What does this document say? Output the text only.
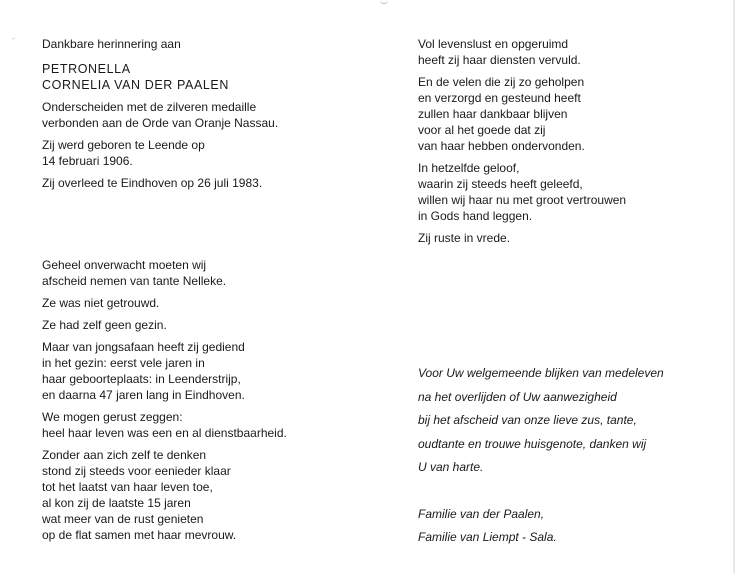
Dankbare herinnering aan
PETRONELLA
CORNELIA VAN DER PAALEN
Onderscheiden met de zilveren medaille
verbonden aan de Orde van Oranje Nassau.
Zij werd geboren te Leende op
14 februari 1906.
Zij overleed te Eindhoven op 26 juli 1983.
Geheel onverwacht moeten wij
afscheid nemen van tante Nelleke.
Ze was niet getrouwd.
Ze had zelf geen gezin.
Maar van jongsafaan heeft zij gediend
in het gezin: eerst vele jaren in
haar geboorteplaats: in Leenderstrijp,
en daarna 47 jaren lang in Eindhoven.
We mogen gerust zeggen:
heel haar leven was een en al dienstbaarheid.
Zonder aan zich zelf te denken
stond zij steeds voor eenieder klaar
tot het laatst van haar leven toe,
al kon zij de laatste 15 jaren
wat meer van de rust genieten
op de flat samen met haar mevrouw.
Vol levenslust en opgeruimd
heeft zij haar diensten vervuld.
En de velen die zij zo geholpen
en verzorgd en gesteund heeft
zullen haar dankbaar blijven
voor al het goede dat zij
van haar hebben ondervonden.
In hetzelfde geloof,
waarin zij steeds heeft geleefd,
willen wij haar nu met groot vertrouwen
in Gods hand leggen.
Zij ruste in vrede.
Voor Uw welgemeende blijken van medeleven
na het overlijden of Uw aanwezigheid
bij het afscheid van onze lieve zus, tante,
oudtante en trouwe huisgenote, danken wij
U van harte.
Familie van der Paalen,
Familie van Liempt - Sala.
